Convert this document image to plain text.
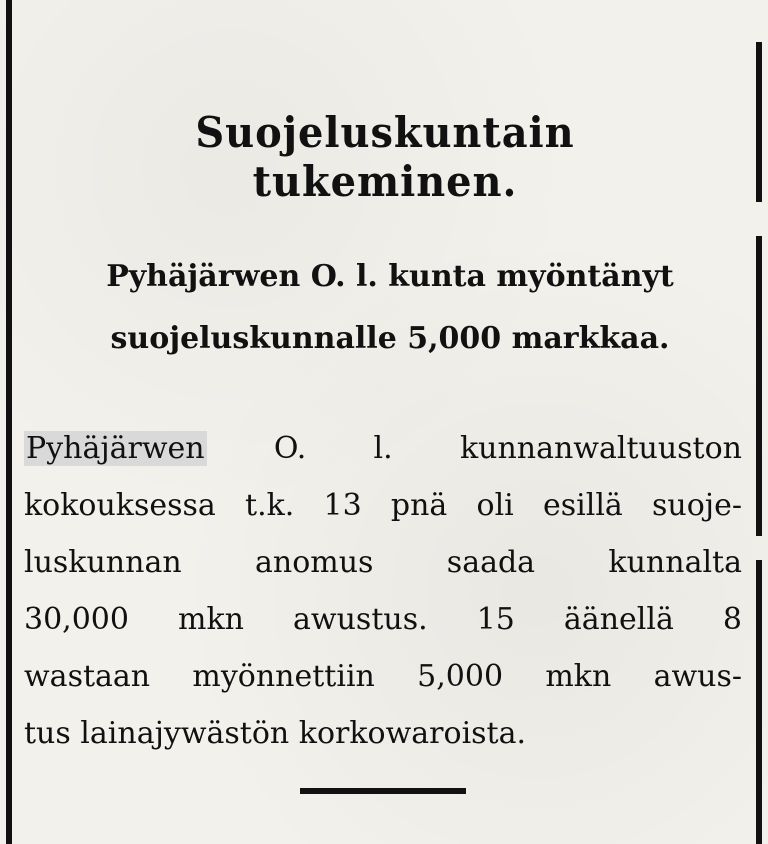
Suojeluskuntain tukeminen.
Pyhäjärwen O. l. kunta myöntänyt
suojeluskunnalle 5,000 markkaa.
Pyhäjärwen O. l. kunnanwaltuuston
kokouksessa t.k. 13 pnä oli esillä suoje-
luskunnan anomus saada kunnalta
30,000 mkn awustus. 15 äänellä 8
wastaan myönnettiin 5,000 mkn awus-
tus lainajywästön korkowaroista.
